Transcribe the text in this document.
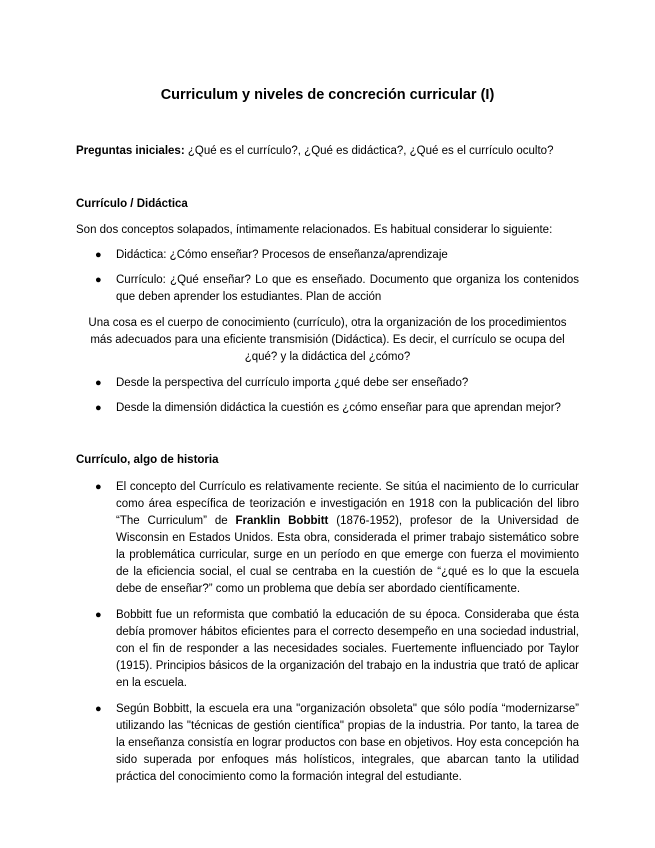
Curriculum y niveles de concreción curricular (I)

Preguntas iniciales: ¿Qué es el currículo?, ¿Qué es didáctica?, ¿Qué es el currículo oculto?

Currículo / Didáctica

Son dos conceptos solapados, íntimamente relacionados. Es habitual considerar lo siguiente:

● Didáctica: ¿Cómo enseñar? Procesos de enseñanza/aprendizaje
● Currículo: ¿Qué enseñar? Lo que es enseñado. Documento que organiza los contenidos que deben aprender los estudiantes. Plan de acción

Una cosa es el cuerpo de conocimiento (currículo), otra la organización de los procedimientos más adecuados para una eficiente transmisión (Didáctica). Es decir, el currículo se ocupa del ¿qué? y la didáctica del ¿cómo?

● Desde la perspectiva del currículo importa ¿qué debe ser enseñado?
● Desde la dimensión didáctica la cuestión es ¿cómo enseñar para que aprendan mejor?
Currículo, algo de historia
● El concepto del Currículo es relativamente reciente. Se sitúa el nacimiento de lo curricular como área específica de teorización e investigación en 1918 con la publicación del libro “The Curriculum” de Franklin Bobbitt (1876-1952), profesor de la Universidad de Wisconsin en Estados Unidos. Esta obra, considerada el primer trabajo sistemático sobre la problemática curricular, surge en un período en que emerge con fuerza el movimiento de la eficiencia social, el cual se centraba en la cuestión de “¿qué es lo que la escuela debe de enseñar?” como un problema que debía ser abordado científicamente.
● Bobbitt fue un reformista que combatió la educación de su época. Consideraba que ésta debía promover hábitos eficientes para el correcto desempeño en una sociedad industrial, con el fin de responder a las necesidades sociales. Fuertemente influenciado por Taylor (1915). Principios básicos de la organización del trabajo en la industria que trató de aplicar en la escuela.
● Según Bobbitt, la escuela era una "organización obsoleta" que sólo podía “modernizarse” utilizando las "técnicas de gestión científica" propias de la industria. Por tanto, la tarea de la enseñanza consistía en lograr productos con base en objetivos. Hoy esta concepción ha sido superada por enfoques más holísticos, integrales, que abarcan tanto la utilidad práctica del conocimiento como la formación integral del estudiante.
